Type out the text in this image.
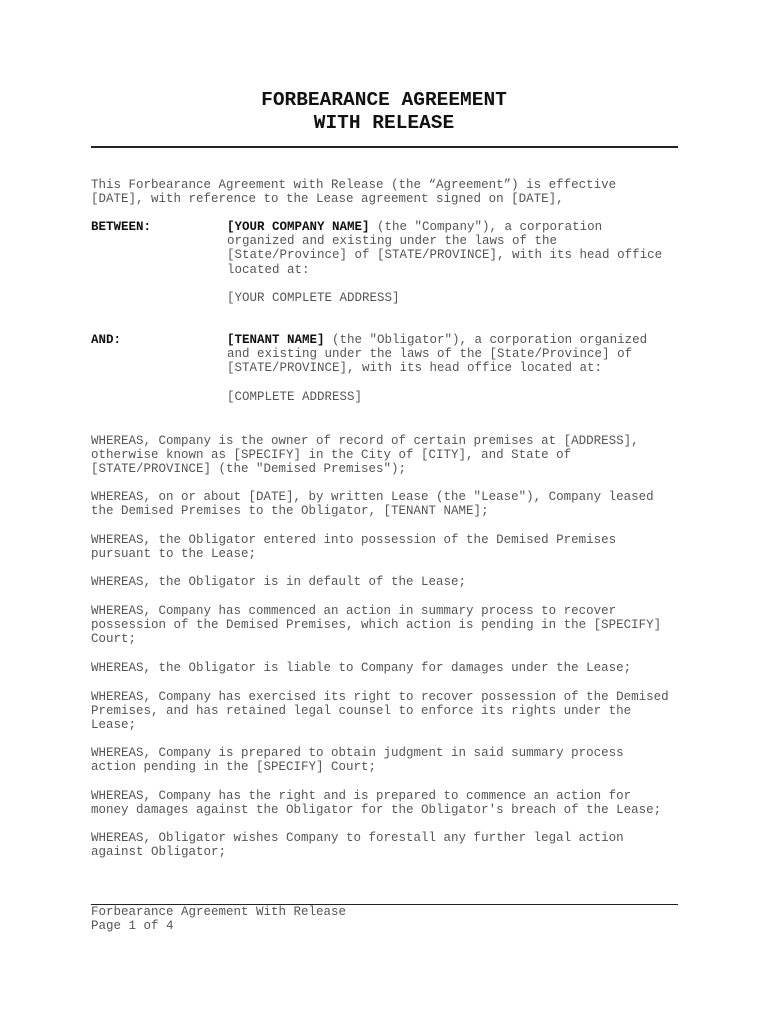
FORBEARANCE AGREEMENT
WITH RELEASE
This Forbearance Agreement with Release (the “Agreement”) is effective
[DATE], with reference to the Lease agreement signed on [DATE],
BETWEEN:	[YOUR COMPANY NAME] (the "Company"), a corporation
organized and existing under the laws of the
[State/Province] of [STATE/PROVINCE], with its head office
located at:
[YOUR COMPLETE ADDRESS]
AND:	[TENANT NAME] (the "Obligator"), a corporation organized
and existing under the laws of the [State/Province] of
[STATE/PROVINCE], with its head office located at:
[COMPLETE ADDRESS]
WHEREAS, Company is the owner of record of certain premises at [ADDRESS],
otherwise known as [SPECIFY] in the City of [CITY], and State of
[STATE/PROVINCE] (the "Demised Premises");
WHEREAS, on or about [DATE], by written Lease (the "Lease"), Company leased
the Demised Premises to the Obligator, [TENANT NAME];
WHEREAS, the Obligator entered into possession of the Demised Premises
pursuant to the Lease;
WHEREAS, the Obligator is in default of the Lease;
WHEREAS, Company has commenced an action in summary process to recover
possession of the Demised Premises, which action is pending in the [SPECIFY]
Court;
WHEREAS, the Obligator is liable to Company for damages under the Lease;
WHEREAS, Company has exercised its right to recover possession of the Demised
Premises, and has retained legal counsel to enforce its rights under the
Lease;
WHEREAS, Company is prepared to obtain judgment in said summary process
action pending in the [SPECIFY] Court;
WHEREAS, Company has the right and is prepared to commence an action for
money damages against the Obligator for the Obligator's breach of the Lease;
WHEREAS, Obligator wishes Company to forestall any further legal action
against Obligator;
Forbearance Agreement With Release
Page 1 of 4
